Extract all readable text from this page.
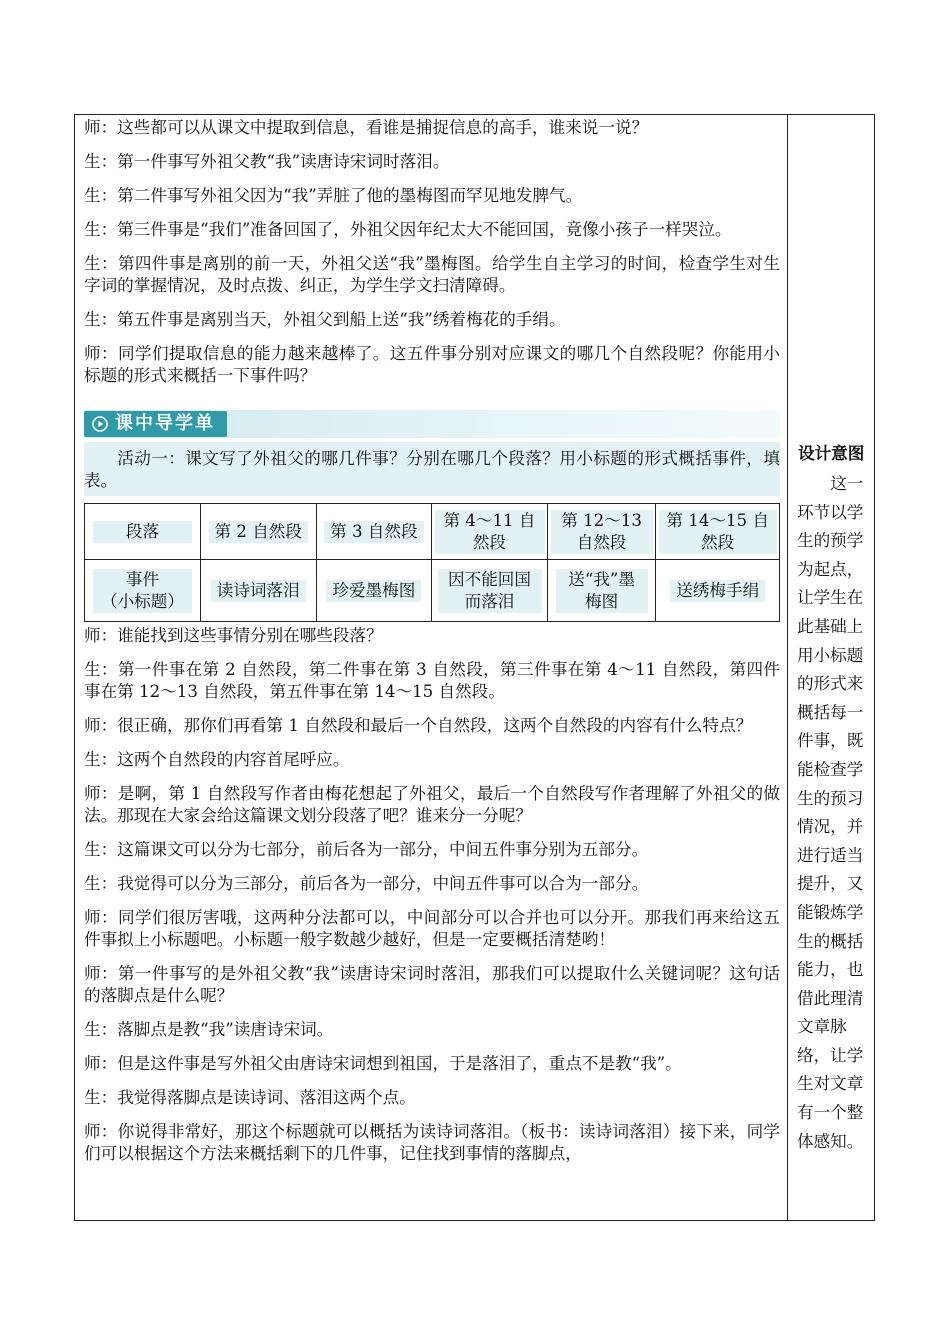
师：这些都可以从课文中提取到信息，看谁是捕捉信息的高手，谁来说一说？

生：第一件事写外祖父教“我”读唐诗宋词时落泪。

生：第二件事写外祖父因为“我”弄脏了他的墨梅图而罕见地发脾气。

生：第三件事是“我们”准备回国了，外祖父因年纪太大不能回国，竟像小孩子一样哭泣。

生：第四件事是离别的前一天，外祖父送“我”墨梅图。给学生自主学习的时间，检查学生对生字词的掌握情况，及时点拨、纠正，为学生学文扫清障碍。

生：第五件事是离别当天，外祖父到船上送“我”绣着梅花的手绢。

师：同学们提取信息的能力越来越棒了。这五件事分别对应课文的哪几个自然段呢？你能用小标题的形式来概括一下事件吗？

课中导学单

活动一：课文写了外祖父的哪几件事？分别在哪几个段落？用小标题的形式概括事件，填表。

段落	第 2 自然段	第 3 自然段	第 4～11 自然段	第 12～13 自然段	第 14～15 自然段

事件
（小标题）	读诗词落泪	珍爱墨梅图	因不能回国而落泪	送“我”墨梅图	送绣梅手绢

师：谁能找到这些事情分别在哪些段落？

生：第一件事在第 2 自然段，第二件事在第 3 自然段，第三件事在第 4～11 自然段，第四件事在第 12～13 自然段，第五件事在第 14～15 自然段。

师：很正确，那你们再看第 1 自然段和最后一个自然段，这两个自然段的内容有什么特点？

生：这两个自然段的内容首尾呼应。

师：是啊，第 1 自然段写作者由梅花想起了外祖父，最后一个自然段写作者理解了外祖父的做法。那现在大家会给这篇课文划分段落了吧？谁来分一分呢？

生：这篇课文可以分为七部分，前后各为一部分，中间五件事分别为五部分。

生：我觉得可以分为三部分，前后各为一部分，中间五件事可以合为一部分。

师：同学们很厉害哦，这两种分法都可以，中间部分可以合并也可以分开。那我们再来给这五件事拟上小标题吧。小标题一般字数越少越好，但是一定要概括清楚哟！

师：第一件事写的是外祖父教“我”读唐诗宋词时落泪，那我们可以提取什么关键词呢？这句话的落脚点是什么呢？

生：落脚点是教“我”读唐诗宋词。

师：但是这件事是写外祖父由唐诗宋词想到祖国，于是落泪了，重点不是教“我”。

生：我觉得落脚点是读诗词、落泪这两个点。

师：你说得非常好，那这个标题就可以概括为读诗词落泪。（板书：读诗词落泪）接下来，同学们可以根据这个方法来概括剩下的几件事，记住找到事情的落脚点，

设计意图
这一环节以学生的预学为起点，让学生在此基础上用小标题的形式来概括每一件事，既能检查学生的预习情况，并进行适当提升，又能锻炼学生的概括能力，也借此理清文章脉络，让学生对文章有一个整体感知。
